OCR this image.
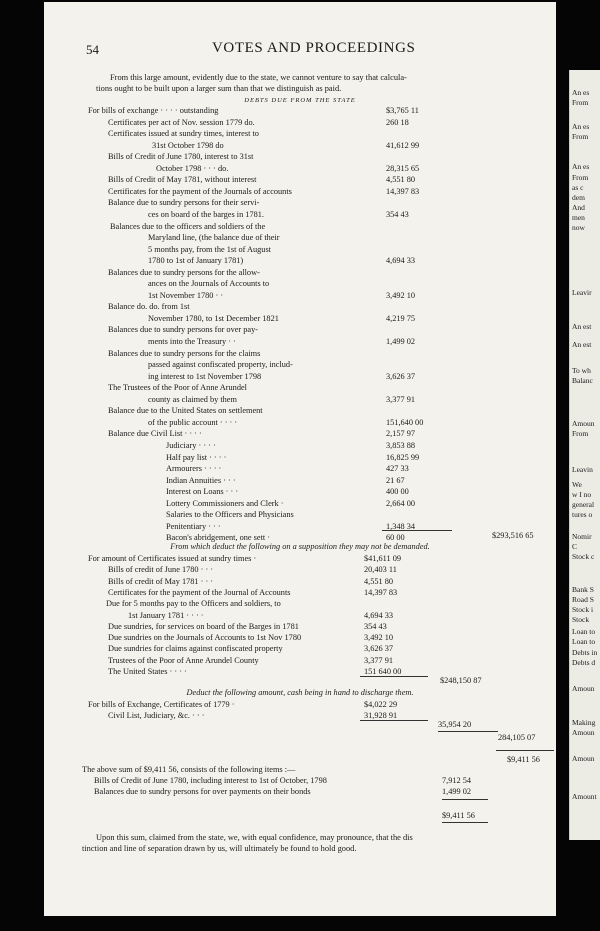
54	VOTES AND PROCEEDINGS
From this large amount, evidently due to the state, we cannot venture to say that calcula-
tions ought to be built upon a larger sum than that we distinguish as paid.
DEBTS DUE FROM THE STATE
For bills of exchange · · · · outstanding	$3,765 11
Certificates per act of Nov. session 1779 do.	260 18
Certificates issued at sundry times, interest to
31st October 1798 do	41,612 99
Bills of Credit of June 1780, interest to 31st
October 1798 · · · do.	28,315 65
Bills of Credit of May 1781, without interest	4,551 80
Certificates for the payment of the Journals of accounts	14,397 83
Balance due to sundry persons for their servi-
ces on board of the barges in 1781.	354 43
Balances due to the officers and soldiers of the
Maryland line, (the balance due of their
5 months pay, from the 1st of August
1780 to 1st of January 1781)	4,694 33
Balances due to sundry persons for the allow-
ances on the Journals of Accounts to
1st November 1780 · ·	3,492 10
Balance do. do. from 1st
November 1780, to 1st December 1821	4,219 75
Balances due to sundry persons for over pay-
ments into the Treasury · ·	1,499 02
Balances due to sundry persons for the claims
passed against confiscated property, includ-
ing interest to 1st November 1798	3,626 37
The Trustees of the Poor of Anne Arundel
county as claimed by them	3,377 91
Balance due to the United States on settlement
of the public account · · · ·	151,640 00
Balance due Civil List · · · ·	2,157 97
Judiciary · · · ·	3,853 88
Half pay list · · · ·	16,825 99
Armourers · · · ·	427 33
Indian Annuities · · ·	21 67
Interest on Loans · · ·	400 00
Lottery Commissioners and Clerk ·	2,664 00
Salaries to the Officers and Physicians
Penitentiary · · ·	1,348 34
Bacon's abridgement, one sett ·	60 00	$293,516 65
From which deduct the following on a supposition they may not be demanded.
For amount of Certificates issued at sundry times ·	$41,611 09
Bills of credit of June 1780 · · ·	20,403 11
Bills of credit of May 1781 · · ·	4,551 80
Certificates for the payment of the Journal of Accounts	14,397 83
Due for 5 months pay to the Officers and soldiers, to
1st January 1781 · · · ·	4,694 33
Due sundries, for services on board of the Barges in 1781	354 43
Due sundries on the Journals of Accounts to 1st Nov 1780	3,492 10
Due sundries for claims against confiscated property	3,626 37
Trustees of the Poor of Anne Arundel County	3,377 91
The United States · · · ·	151 640 00
$248,150 87
Deduct the following amount, cash being in hand to discharge them.
For bills of Exchange, Certificates of 1779 ·	$4,022 29
Civil List, Judiciary, &c. · · ·	31,928 91
35,954 20
284,105 07
$9,411 56
The above sum of $9,411 56, consists of the following items :—
Bills of Credit of June 1780, including interest to 1st of October, 1798	7,912 54
Balances due to sundry persons for over payments on their bonds	1,499 02
$9,411 56
Upon this sum, claimed from the state, we, with equal confidence, may pronounce, that the dis
tinction and line of separation drawn by us, will ultimately be found to hold good.
An es
From
An es
From
An es
From
as c
dem
And
men
now
Leavir
An est
An est
To wh
Balanc
Amoun
From
Leavin
We
w I no
general
tures o
Nomir
C
Stock c
Bank S
Road S
Stock i
Stock
Loan to
Loan to
Debts in
Debts d
Amoun
Making
Amoun
Amoun
Amount
